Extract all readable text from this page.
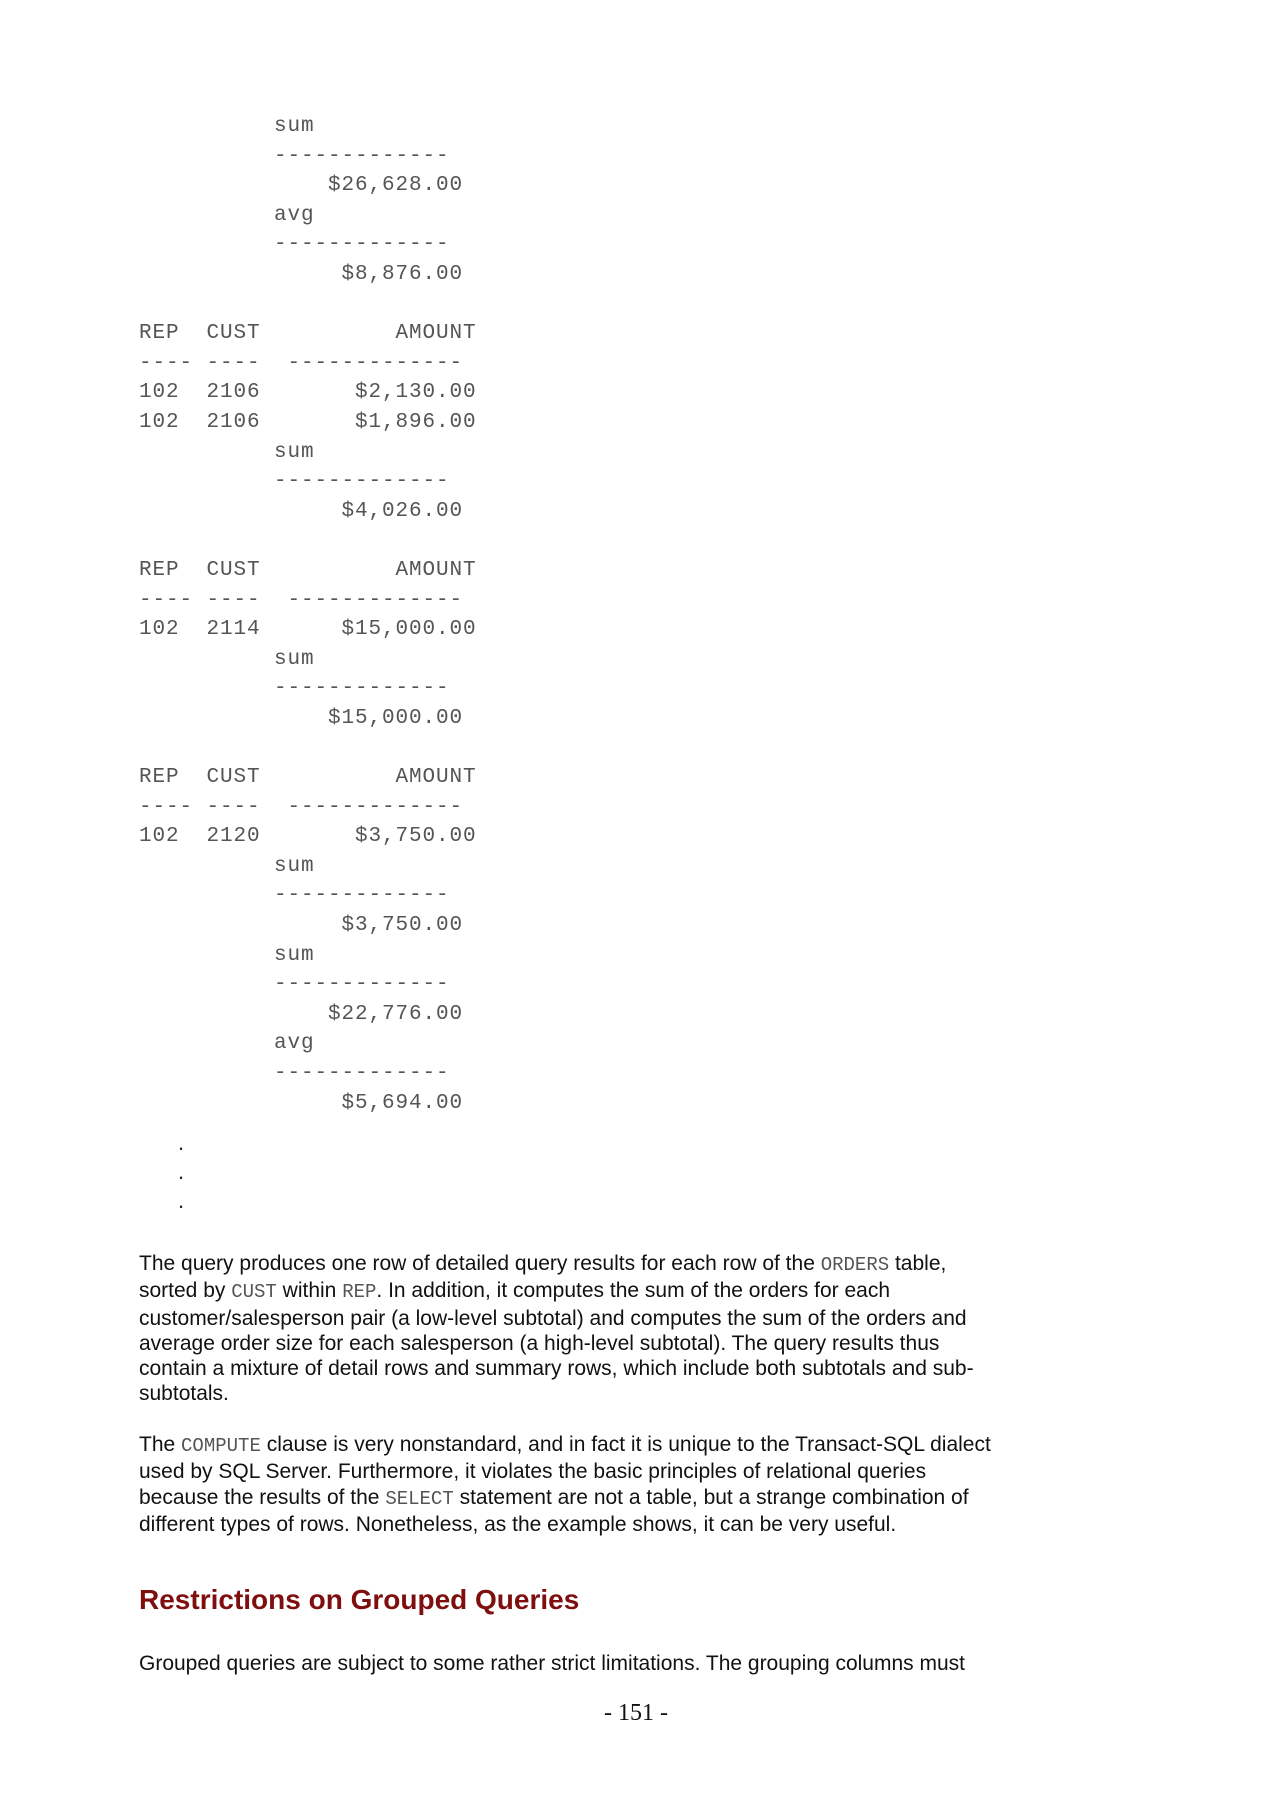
sum
-------------
$26,628.00
avg
-------------
$8,876.00
REP  CUST          AMOUNT
---- ----  -------------
102  2106       $2,130.00
102  2106       $1,896.00
sum
-------------
$4,026.00
REP  CUST          AMOUNT
---- ----  -------------
102  2114      $15,000.00
sum
-------------
$15,000.00
REP  CUST          AMOUNT
---- ----  -------------
102  2120       $3,750.00
sum
-------------
$3,750.00
sum
-------------
$22,776.00
avg
-------------
$5,694.00
.
.
.

The query produces one row of detailed query results for each row of the ORDERS table, sorted by CUST within REP. In addition, it computes the sum of the orders for each customer/salesperson pair (a low-level subtotal) and computes the sum of the orders and average order size for each salesperson (a high-level subtotal). The query results thus contain a mixture of detail rows and summary rows, which include both subtotals and sub-subtotals.

The COMPUTE clause is very nonstandard, and in fact it is unique to the Transact-SQL dialect used by SQL Server. Furthermore, it violates the basic principles of relational queries because the results of the SELECT statement are not a table, but a strange combination of different types of rows. Nonetheless, as the example shows, it can be very useful.

Restrictions on Grouped Queries

Grouped queries are subject to some rather strict limitations. The grouping columns must

- 151 -
